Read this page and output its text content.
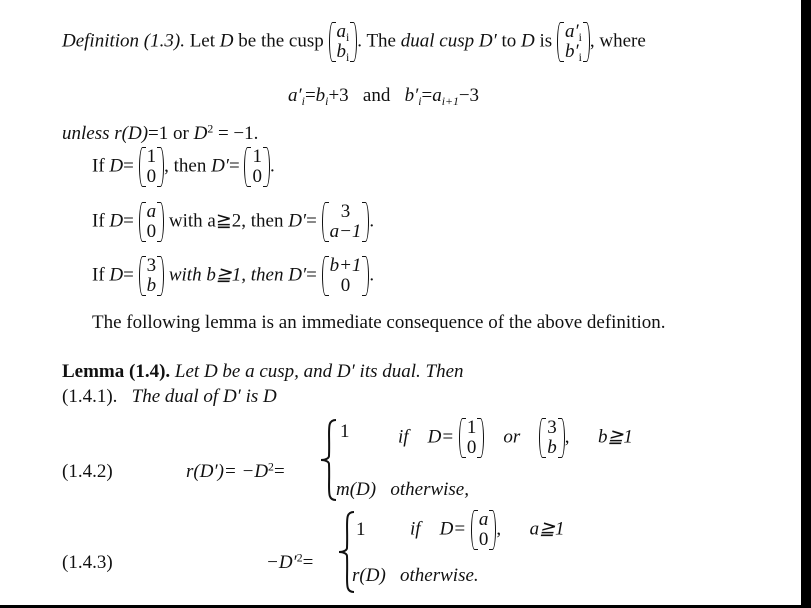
Definition (1.3). Let D be the cusp $a_i$
$b_i$
. The dual cusp D′ to D is $a'_i$
$b'_i$
, where
$a'_i=b_i+3$ and $b'_i=a_{i+1}-3$
unless r(D)=1 or $D^2 = -1$.
If D= 1
0
, then D′= 1
0
.
If D= a
0
with a≧2, then D′=	3
a−1
.
If D= 3
b
with b≧1, then D′= b+1
0
.
The following lemma is an immediate consequence of the above definition.
Lemma (1.4). Let D be a cusp, and D′ its dual. Then
(1.4.1). The dual of D′ is D
(1.4.2)	$r(D')= -D^2=$
1	if D= 1
0
or	3
b
, b≧1
m(D) otherwise,
(1.4.3)	$-D'^2=$
1 if D= a
0
, a≧1
r(D) otherwise.
